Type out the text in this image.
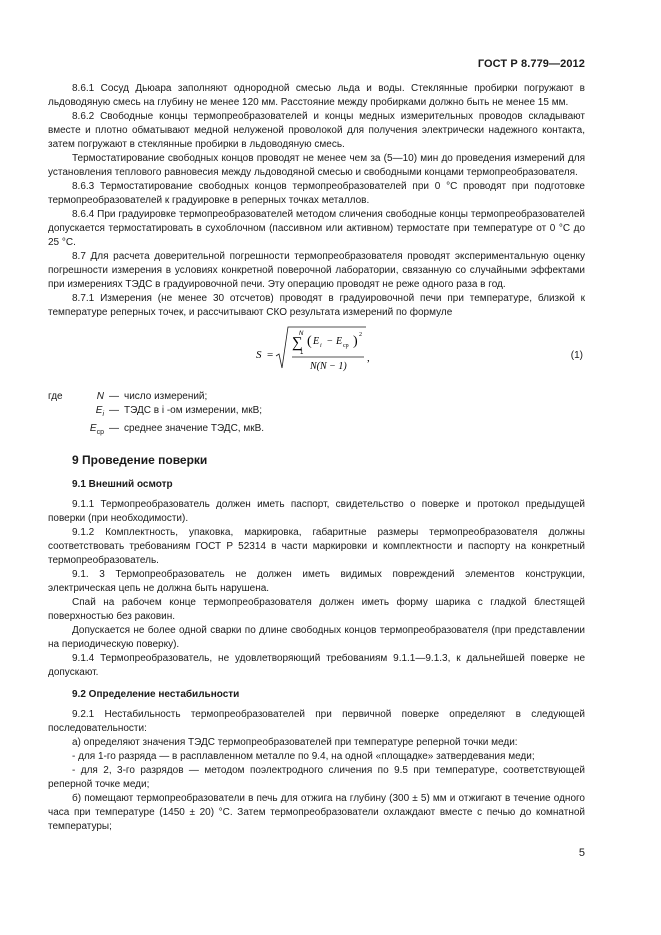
ГОСТ Р 8.779—2012

8.6.1 Сосуд Дьюара заполняют однородной смесью льда и воды. Стеклянные пробирки погружают в льдоводяную смесь на глубину не менее 120 мм. Расстояние между пробирками должно быть не менее 15 мм.

8.6.2 Свободные концы термопреобразователей и концы медных измерительных проводов складывают вместе и плотно обматывают медной нелуженой проволокой для получения электрически надежного контакта, затем погружают в стеклянные пробирки в льдоводяную смесь.

Термостатирование свободных концов проводят не менее чем за (5—10) мин до проведения измерений для установления теплового равновесия между льдоводяной смесью и свободными концами термопреобразователя.

8.6.3 Термостатирование свободных концов термопреобразователей при 0 °С проводят при подготовке термопреобразователей к градуировке в реперных точках металлов.

8.6.4 При градуировке термопреобразователей методом сличения свободные концы термопреобразователей допускается термостатировать в сухоблочном (пассивном или активном) термостате при температуре от 0 °С до 25 °С.

8.7 Для расчета доверительной погрешности термопреобразователя проводят экспериментальную оценку погрешности измерения в условиях конкретной поверочной лаборатории, связанную со случайными эффектами при измерениях ТЭДС в градуировочной печи. Эту операцию проводят не реже одного раза в год.

8.7.1 Измерения (не менее 30 отсчетов) проводят в градуировочной печи при температуре, близкой к температуре реперных точек, и рассчитывают СКО результата измерений по формуле

S =
N
∑
1
( E i − E ср ) 2
N(N − 1)
,	(1)
где	N — число измерений;
$E_i$ — ТЭДС в i -ом измерении, мкВ;
$E_{ср}$ — среднее значение ТЭДС, мкВ.
9 Проведение поверки
9.1 Внешний осмотр

9.1.1 Термопреобразователь должен иметь паспорт, свидетельство о поверке и протокол предыдущей поверки (при необходимости).

9.1.2 Комплектность, упаковка, маркировка, габаритные размеры термопреобразователя должны соответствовать требованиям ГОСТ Р 52314 в части маркировки и комплектности и паспорту на конкретный термопреобразователь.

9.1. 3 Термопреобразователь не должен иметь видимых повреждений элементов конструкции, электрическая цепь не должна быть нарушена.

Спай на рабочем конце термопреобразователя должен иметь форму шарика с гладкой блестящей поверхностью без раковин.

Допускается не более одной сварки по длине свободных концов термопреобразователя (при представлении на периодическую поверку).

9.1.4 Термопреобразователь, не удовлетворяющий требованиям 9.1.1—9.1.3, к дальнейшей поверке не допускают.

9.2 Определение нестабильности

9.2.1 Нестабильность термопреобразователей при первичной поверке определяют в следующей последовательности:

а) определяют значения ТЭДС термопреобразователей при температуре реперной точки меди:

- для 1-го разряда — в расплавленном металле по 9.4, на одной «площадке» затвердевания меди;

- для 2, 3-го разрядов — методом поэлектродного сличения по 9.5 при температуре, соответствующей реперной точке меди;

б) помещают термопреобразователи в печь для отжига на глубину (300 ± 5) мм и отжигают в течение одного часа при температуре (1450 ± 20) °С. Затем термопреобразователи охлаждают вместе с печью до комнатной температуры;

5
